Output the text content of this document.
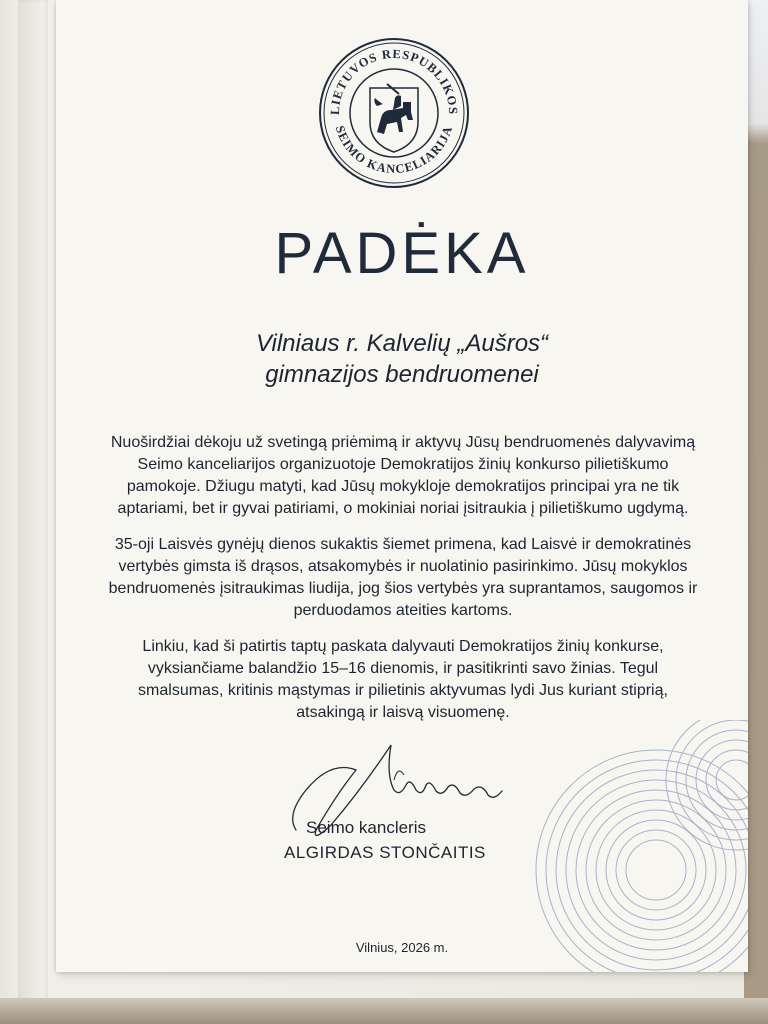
LIETUVOS RESPUBLIKOS
SEIMO KANCELIARIJA
PADĖKA
Vilniaus r. Kalvelių „Aušros“
gimnazijos bendruomenei

Nuoširdžiai dėkoju už svetingą priėmimą ir aktyvų Jūsų bendruomenės dalyvavimą Seimo kanceliarijos organizuotoje Demokratijos žinių konkurso pilietiškumo pamokoje. Džiugu matyti, kad Jūsų mokykloje demokratijos principai yra ne tik aptariami, bet ir gyvai patiriami, o mokiniai noriai įsitraukia į pilietiškumo ugdymą.

35-oji Laisvės gynėjų dienos sukaktis šiemet primena, kad Laisvė ir demokratinės vertybės gimsta iš drąsos, atsakomybės ir nuolatinio pasirinkimo. Jūsų mokyklos bendruomenės įsitraukimas liudija, jog šios vertybės yra suprantamos, saugomos ir perduodamos ateities kartoms.

Linkiu, kad ši patirtis taptų paskata dalyvauti Demokratijos žinių konkurse, vyksiančiame balandžio 15–16 dienomis, ir pasitikrinti savo žinias. Tegul smalsumas, kritinis mąstymas ir pilietinis aktyvumas lydi Jus kuriant stiprią, atsakingą ir laisvą visuomenę.

Seimo kancleris
ALGIRDAS STONČAITIS
Vilnius, 2026 m.
